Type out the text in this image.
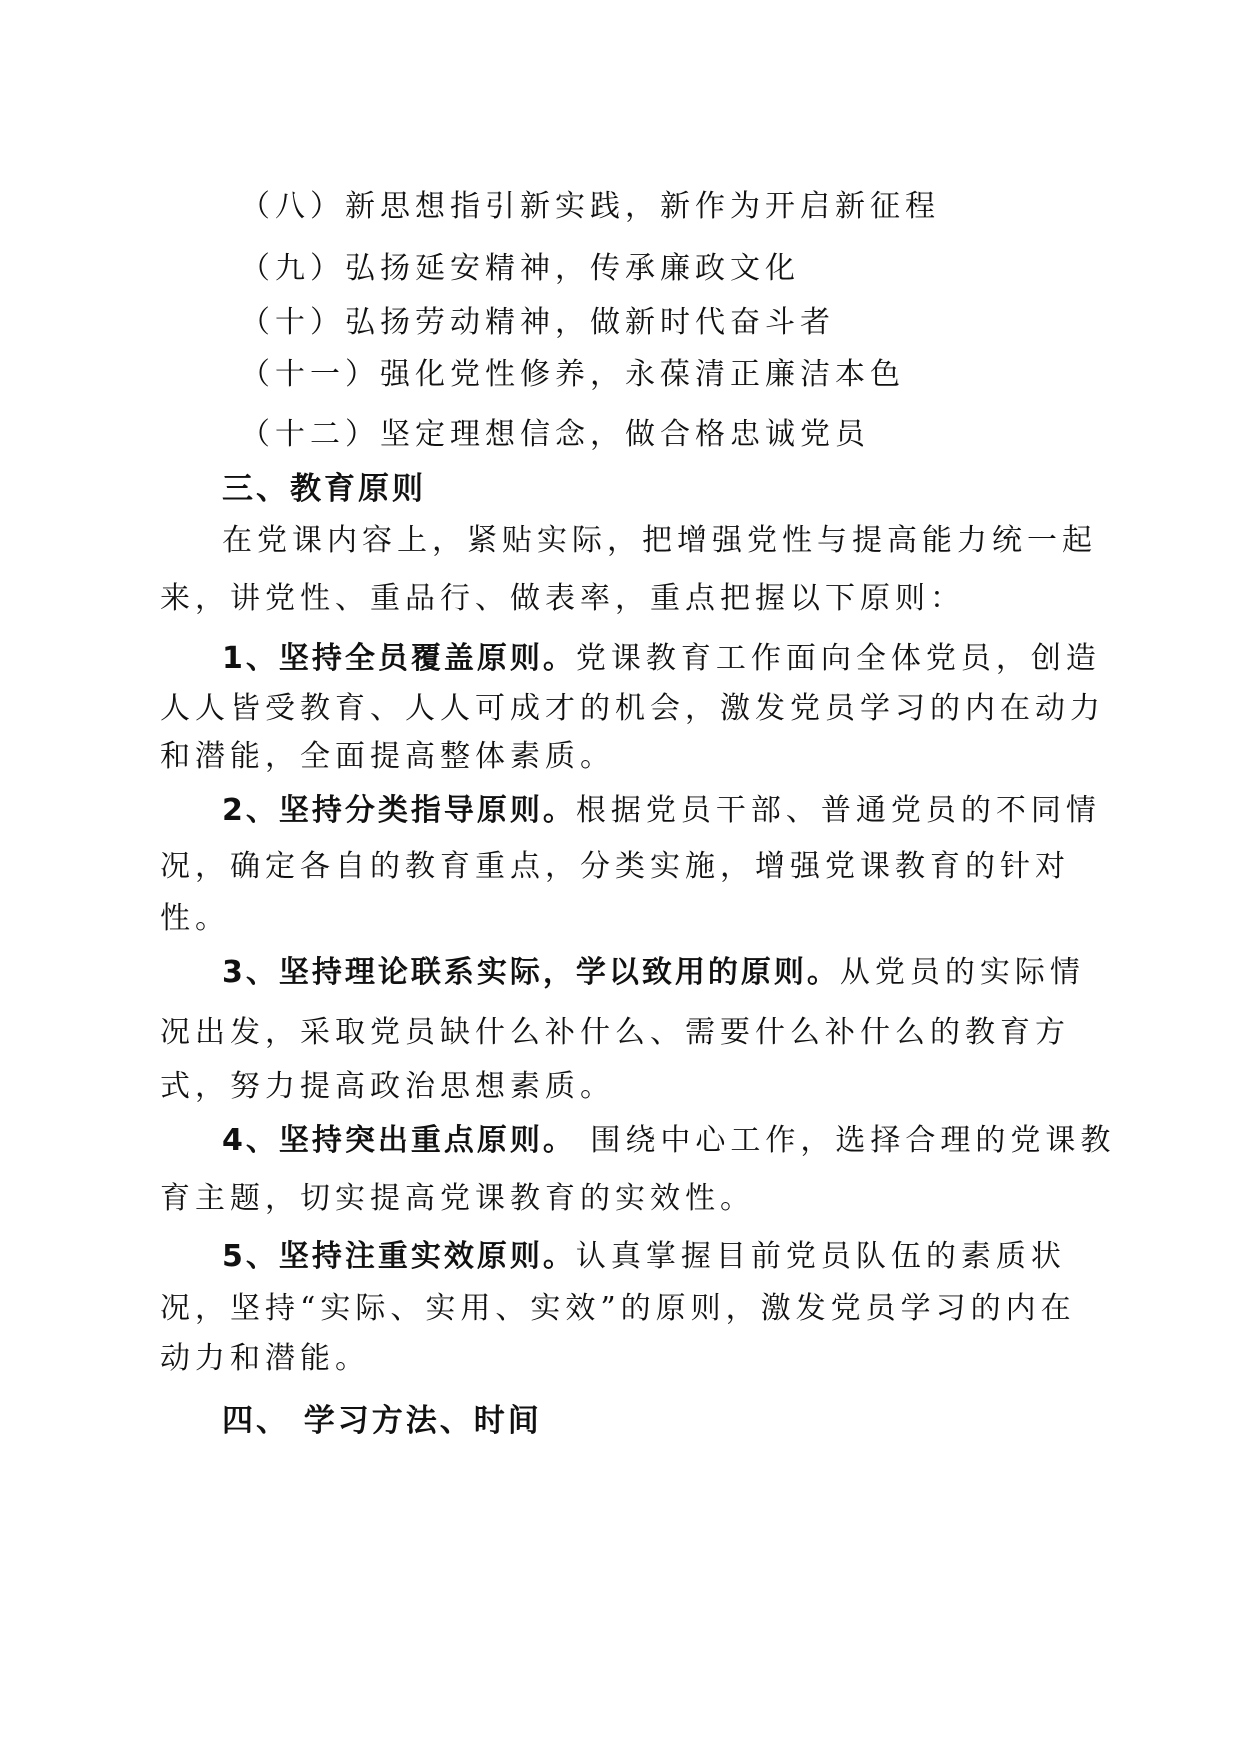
（八）新思想指引新实践，新作为开启新征程

（九）弘扬延安精神，传承廉政文化

（十）弘扬劳动精神，做新时代奋斗者

（十一）强化党性修养，永葆清正廉洁本色

（十二）坚定理想信念，做合格忠诚党员

三、教育原则

在党课内容上，紧贴实际，把增强党性与提高能力统一起

来，讲党性、重品行、做表率，重点把握以下原则：

1、坚持全员覆盖原则。党课教育工作面向全体党员，创造

人人皆受教育、人人可成才的机会，激发党员学习的内在动力

和潜能，全面提高整体素质。

2、坚持分类指导原则。根据党员干部、普通党员的不同情

况，确定各自的教育重点，分类实施，增强党课教育的针对

性。

3、坚持理论联系实际，学以致用的原则。从党员的实际情

况出发，采取党员缺什么补什么、需要什么补什么的教育方

式，努力提高政治思想素质。

4、坚持突出重点原则。 围绕中心工作，选择合理的党课教

育主题，切实提高党课教育的实效性。

5、坚持注重实效原则。认真掌握目前党员队伍的素质状

况，坚持“实际、实用、实效”的原则，激发党员学习的内在

动力和潜能。

四、 学习方法、时间
